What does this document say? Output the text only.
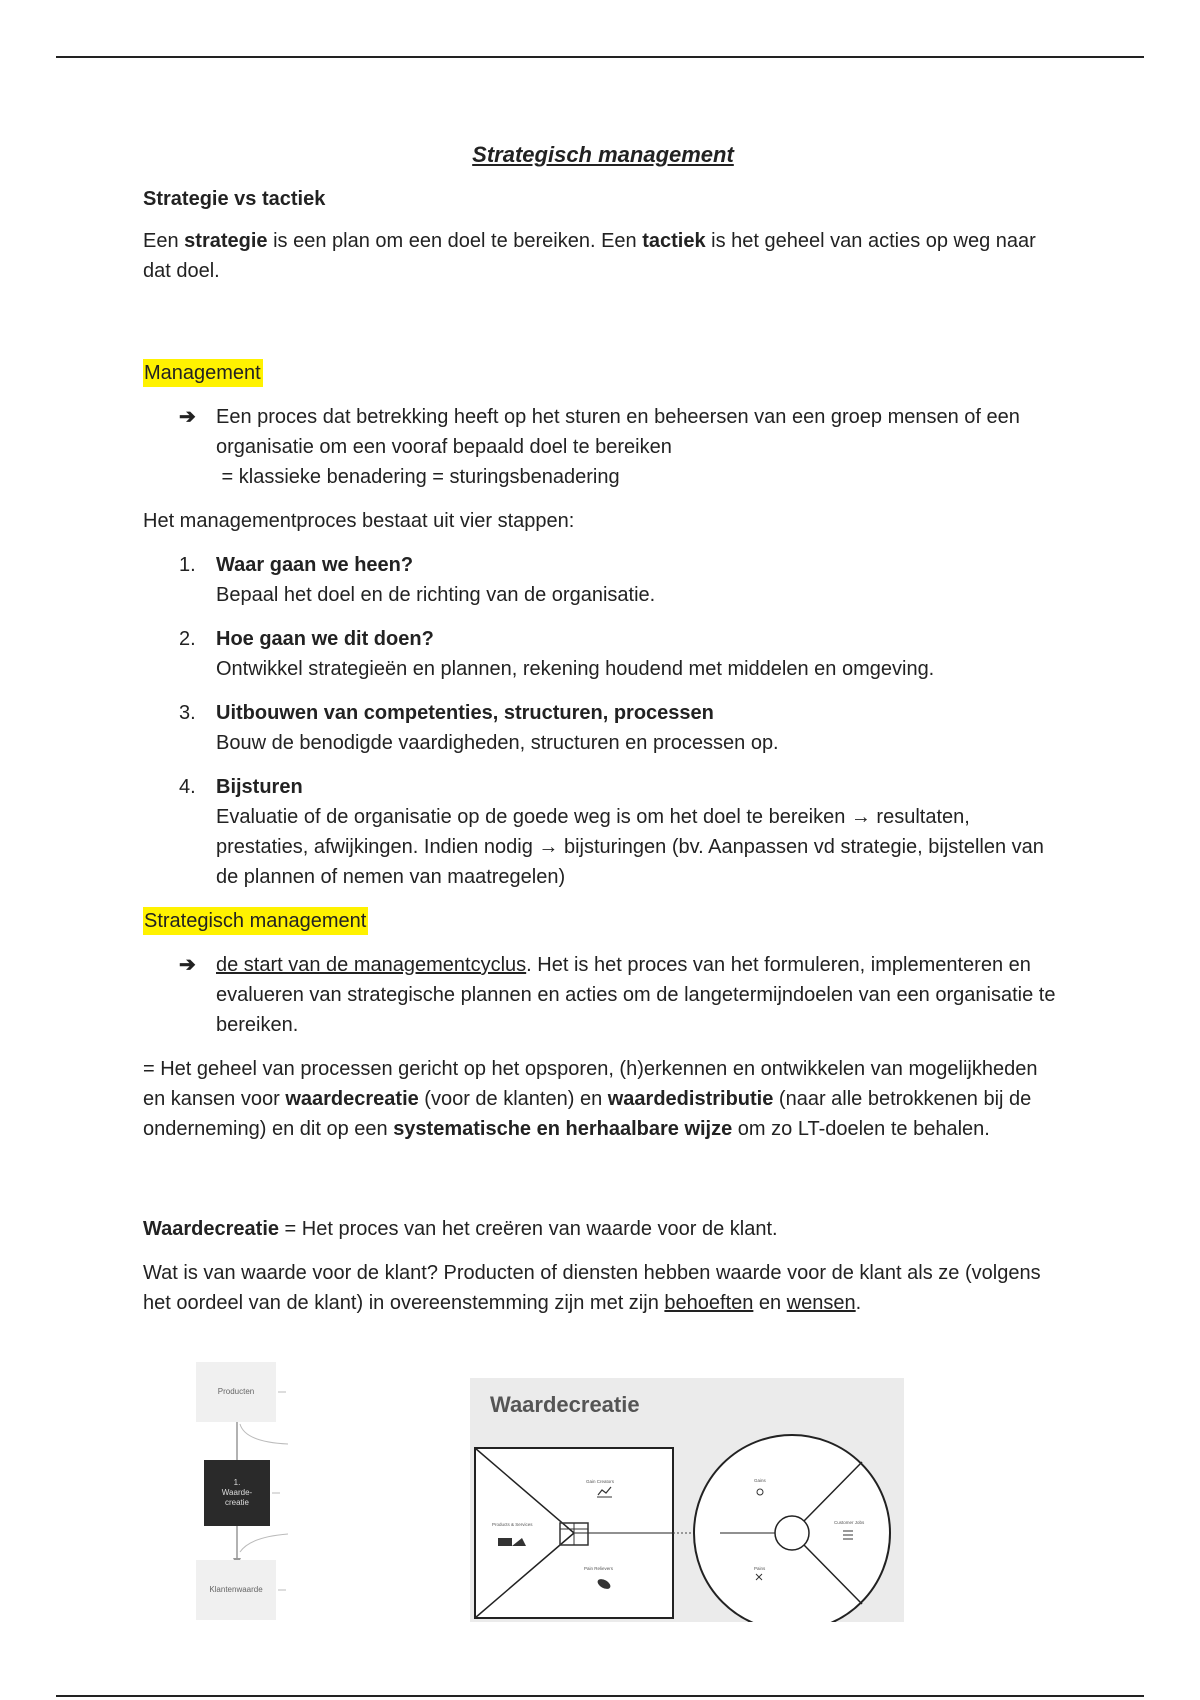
Strategisch management
Strategie vs tactiek

Een strategie is een plan om een doel te bereiken. Een tactiek is het geheel van acties op weg naar dat doel.

Management

➔ Een proces dat betrekking heeft op het sturen en beheersen van een groep mensen of een organisatie om een vooraf bepaald doel te bereiken
= klassieke benadering = sturingsbenadering

Het managementproces bestaat uit vier stappen:

1. Waar gaan we heen?
Bepaal het doel en de richting van de organisatie.
2. Hoe gaan we dit doen?
Ontwikkel strategieën en plannen, rekening houdend met middelen en omgeving.
3. Uitbouwen van competenties, structuren, processen
Bouw de benodigde vaardigheden, structuren en processen op.
4. Bijsturen
Evaluatie of de organisatie op de goede weg is om het doel te bereiken → resultaten, prestaties, afwijkingen. Indien nodig → bijsturingen (bv. Aanpassen vd strategie, bijstellen van de plannen of nemen van maatregelen)

Strategisch management

➔ de start van de managementcyclus. Het is het proces van het formuleren, implementeren en evalueren van strategische plannen en acties om de langetermijndoelen van een organisatie te bereiken.

= Het geheel van processen gericht op het opsporen, (h)erkennen en ontwikkelen van mogelijkheden en kansen voor waardecreatie (voor de klanten) en waardedistributie (naar alle betrokkenen bij de onderneming) en dit op een systematische en herhaalbare wijze om zo LT-doelen te behalen.

Waardecreatie = Het proces van het creëren van waarde voor de klant.

Wat is van waarde voor de klant? Producten of diensten hebben waarde voor de klant als ze (volgens het oordeel van de klant) in overeenstemming zijn met zijn behoeften en wensen.

Producten
1.
Waarde-
creatie
Klantenwaarde
Waardecreatie
Gain Creators
Products & Services
Pain Relievers
Gains
Customer Jobs
Pains
